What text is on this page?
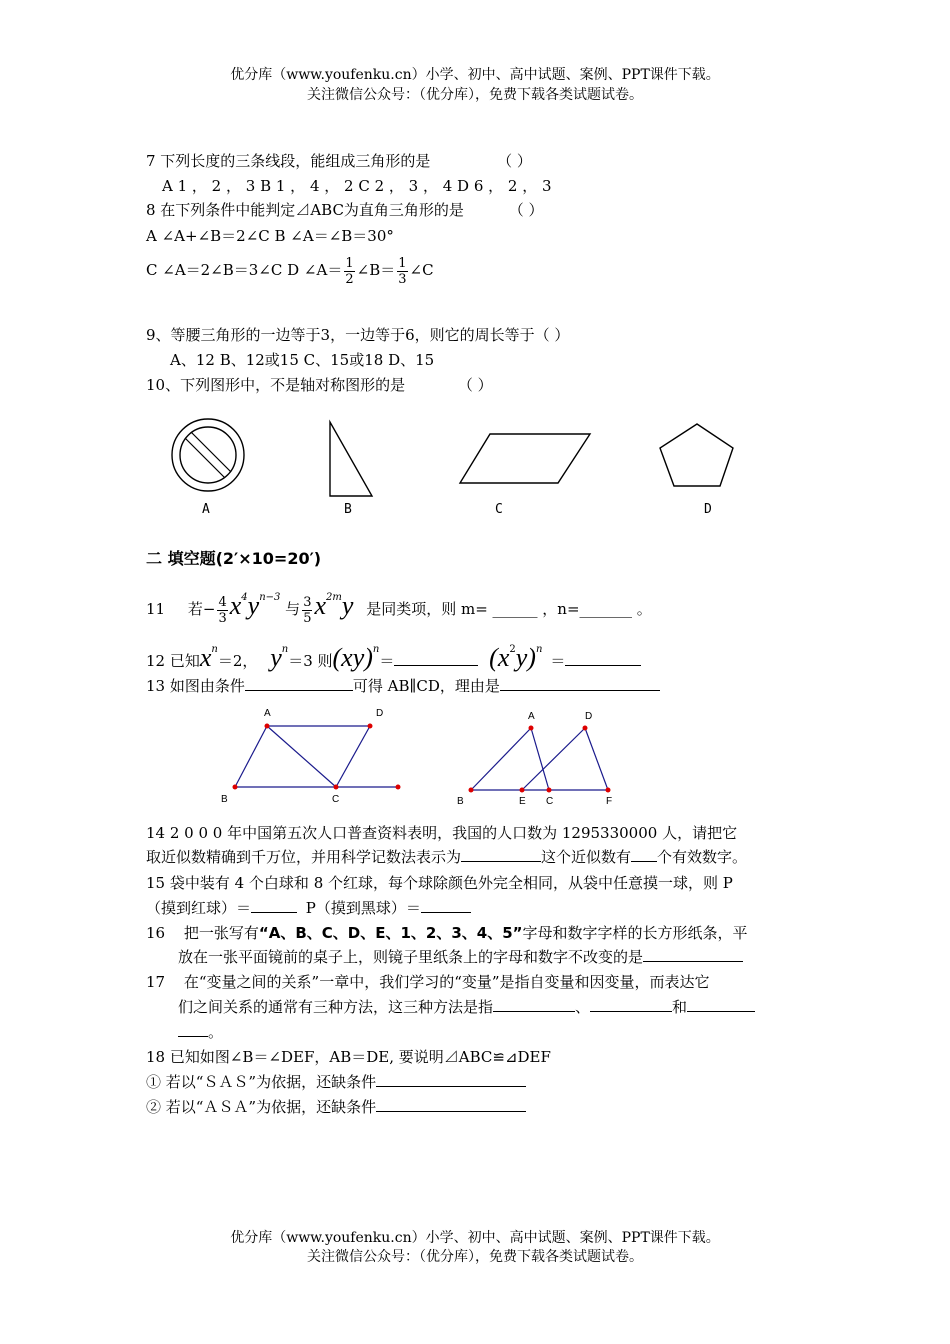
优分库（www.youfenku.cn）小学、初中、高中试题、案例、PPT课件下载。
关注微信公众号：（优分库），免费下载各类试题试卷。
7 下列长度的三条线段，能组成三角形的是	（ ）
A 1 ， 2 ， 3 B 1 ， 4 ， 2 C 2 ， 3 ， 4 D 6 ， 2 ， 3
8 在下列条件中能判定⊿ABC为直角三角形的是	（ ）
A ∠A+∠B＝2∠C B ∠A＝∠B＝30°
C ∠A＝2∠B＝3∠C D ∠A＝ $\frac{1}{2}$ ∠B＝ $\frac{1}{3}$ ∠C
9、等腰三角形的一边等于3，一边等于6，则它的周长等于（ ）
A、12 B、12或15 C、15或18 D、15
10、下列图形中，不是轴对称图形的是	（ ）
A	B	C	D
二 填空题(2′×10=20′)
11 若− $\frac{4}{3} x^4y^{n-3}$ 与 $\frac{3}{5} x^{2m}y$ 是同类项，则 m= ______ ，n=_______ 。
12 已知$x^n=2$， $y^n=3$ 则(xy)$^n$＝	$(x^2y)^n=$
13 如图由条件	可得 AB∥CD，理由是
A	D
B	C
A	D
B	E C	F
14 2 0 0 0 年中国第五次人口普查资料表明，我国的人口数为 1295330000 人，请把它
取近似数精确到千万位，并用科学记数法表示为	这个近似数有 个有效数字。
15 袋中装有 4 个白球和 8 个红球，每个球除颜色外完全相同，从袋中任意摸一球，则 P
（摸到红球）＝	P（摸到黑球）＝
16 把一张写有“A、B、C、D、E、1、2、3、4、5”字母和数字字样的长方形纸条，平
放在一张平面镜前的桌子上，则镜子里纸条上的字母和数字不改变的是
17 在“变量之间的关系”一章中，我们学习的“变量”是指自变量和因变量，而表达它
们之间关系的通常有三种方法，这三种方法是指	、	和
。
18 已知如图∠B＝∠DEF，AB＝DE, 要说明⊿ABC≌⊿DEF
① 若以“ＳＡＳ”为依据，还缺条件
② 若以“ＡＳＡ”为依据，还缺条件
优分库（www.youfenku.cn）小学、初中、高中试题、案例、PPT课件下载。
关注微信公众号：（优分库），免费下载各类试题试卷。
